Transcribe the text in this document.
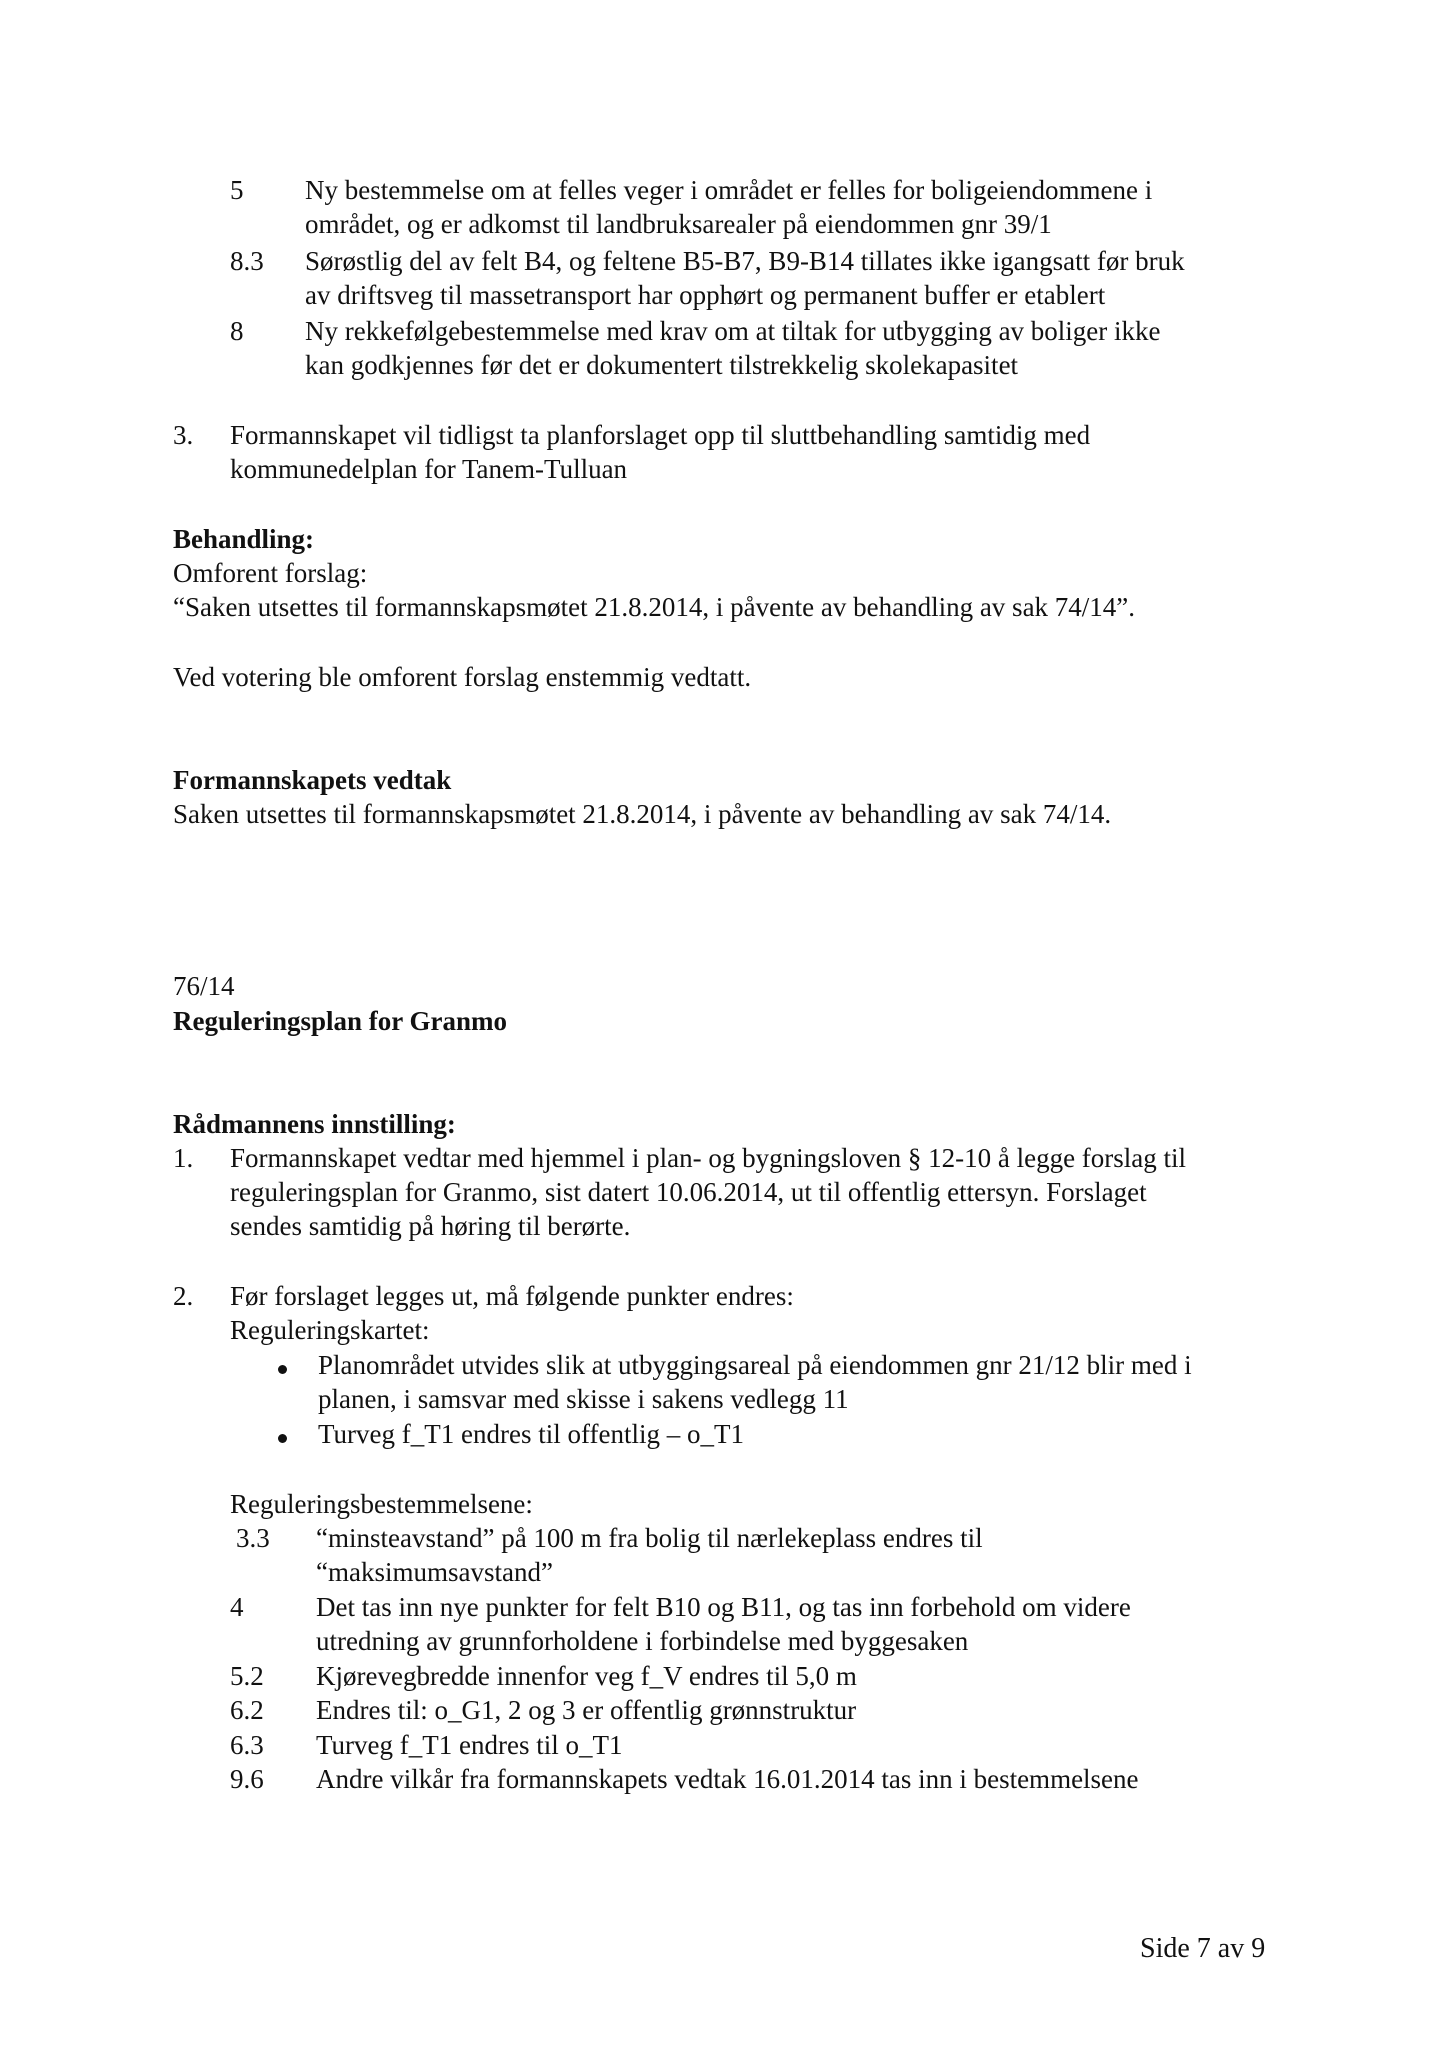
5 Ny bestemmelse om at felles veger i området er felles for boligeiendommene i
området, og er adkomst til landbruksarealer på eiendommen gnr 39/1
8.3 Sørøstlig del av felt B4, og feltene B5-B7, B9-B14 tillates ikke igangsatt før bruk
av driftsveg til massetransport har opphørt og permanent buffer er etablert
8 Ny rekkefølgebestemmelse med krav om at tiltak for utbygging av boliger ikke
kan godkjennes før det er dokumentert tilstrekkelig skolekapasitet
3. Formannskapet vil tidligst ta planforslaget opp til sluttbehandling samtidig med
kommunedelplan for Tanem-Tulluan
Behandling:
Omforent forslag:
“Saken utsettes til formannskapsmøtet 21.8.2014, i påvente av behandling av sak 74/14”.
Ved votering ble omforent forslag enstemmig vedtatt.
Formannskapets vedtak
Saken utsettes til formannskapsmøtet 21.8.2014, i påvente av behandling av sak 74/14.
76/14
Reguleringsplan for Granmo
Rådmannens innstilling:
1. Formannskapet vedtar med hjemmel i plan- og bygningsloven § 12-10 å legge forslag til
reguleringsplan for Granmo, sist datert 10.06.2014, ut til offentlig ettersyn. Forslaget
sendes samtidig på høring til berørte.
2. Før forslaget legges ut, må følgende punkter endres:
Reguleringskartet:
Planområdet utvides slik at utbyggingsareal på eiendommen gnr 21/12 blir med i
planen, i samsvar med skisse i sakens vedlegg 11
Turveg f_T1 endres til offentlig – o_T1
Reguleringsbestemmelsene:
3.3 “minsteavstand” på 100 m fra bolig til nærlekeplass endres til
“maksimumsavstand”
4	Det tas inn nye punkter for felt B10 og B11, og tas inn forbehold om videre
utredning av grunnforholdene i forbindelse med byggesaken
5.2 Kjørevegbredde innenfor veg f_V endres til 5,0 m
6.2 Endres til: o_G1, 2 og 3 er offentlig grønnstruktur
6.3 Turveg f_T1 endres til o_T1
9.6 Andre vilkår fra formannskapets vedtak 16.01.2014 tas inn i bestemmelsene
Side 7 av 9
